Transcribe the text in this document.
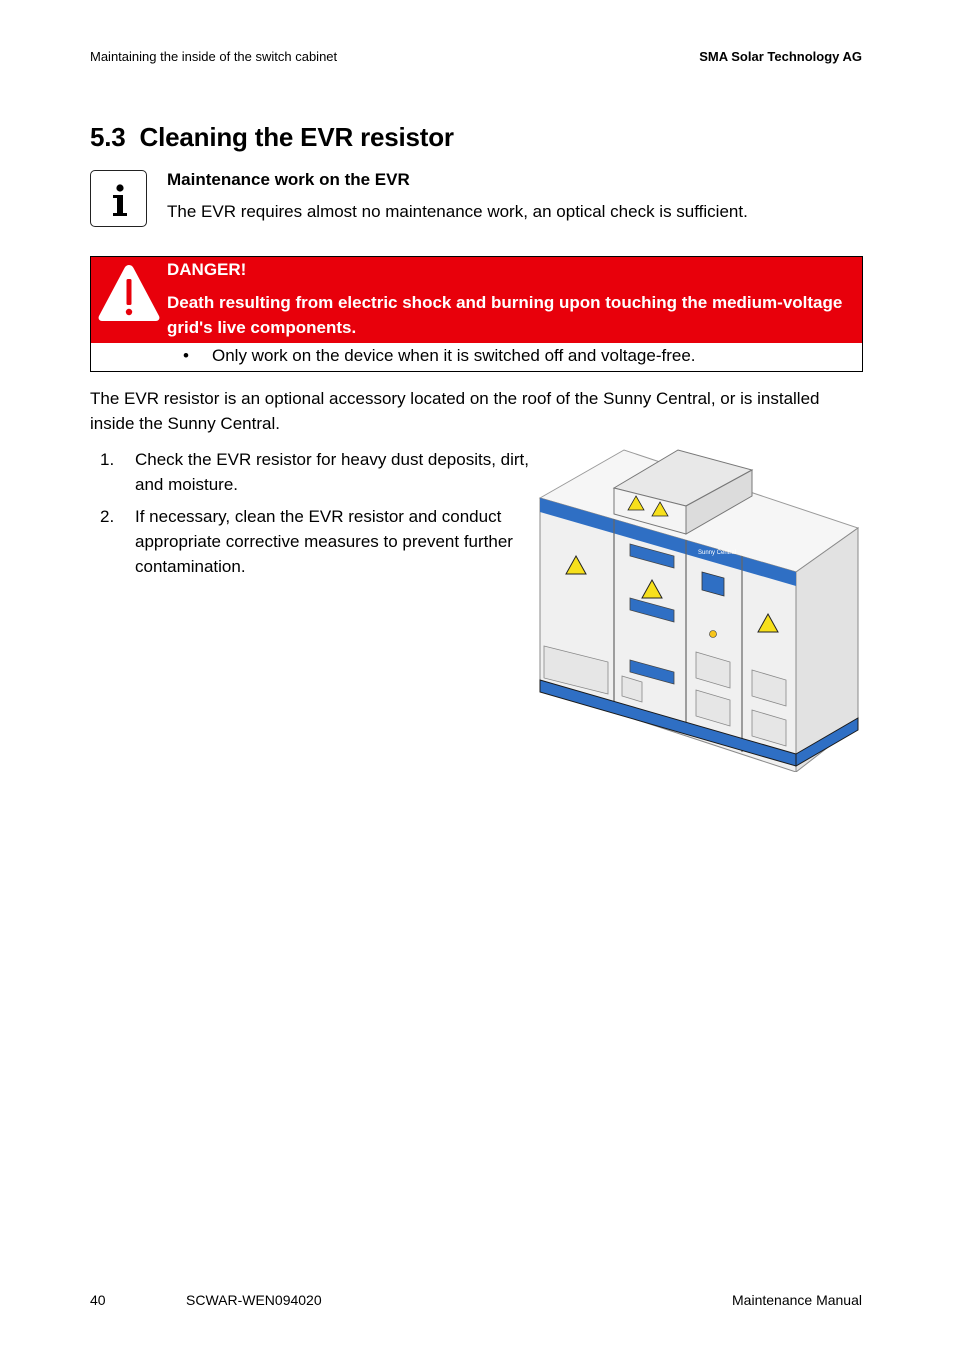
Maintaining the inside of the switch cabinet	SMA Solar Technology AG
5.3 Cleaning the EVR resistor
Maintenance work on the EVR
The EVR requires almost no maintenance work, an optical check is sufficient.
DANGER!
Death resulting from electric shock and burning upon touching the medium-voltage grid's live components.
• Only work on the device when it is switched off and voltage-free.
The EVR resistor is an optional accessory located on the roof of the Sunny Central, or is installed inside the Sunny Central.
1. Check the EVR resistor for heavy dust deposits, dirt, and moisture.
2. If necessary, clean the EVR resistor and conduct appropriate corrective measures to prevent further contamination.
Sunny Central
40	SCWAR-WEN094020	Maintenance Manual
